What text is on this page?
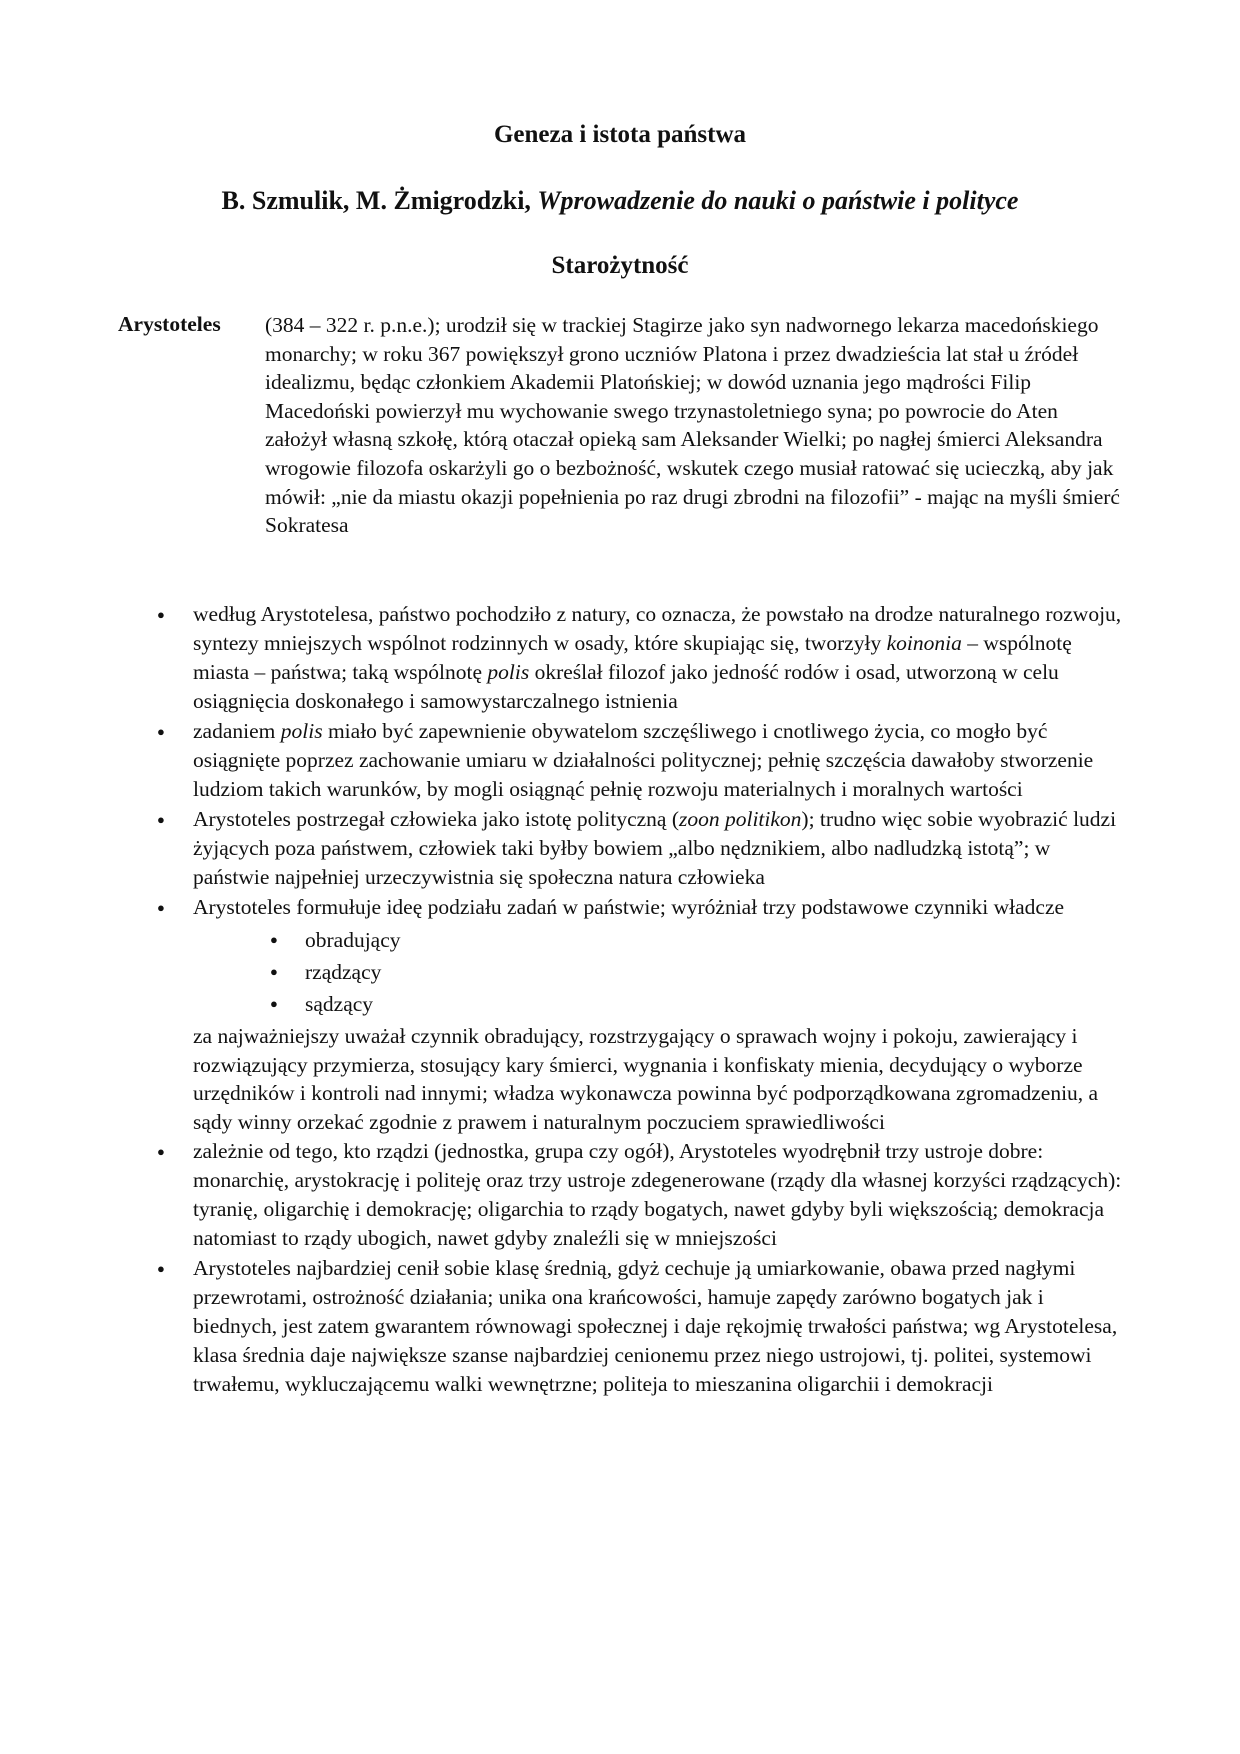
Geneza i istota państwa
B. Szmulik, M. Żmigrodzki, Wprowadzenie do nauki o państwie i polityce
Starożytność
Arystoteles (384 – 322 r. p.n.e.); urodził się w trackiej Stagirze jako syn nadwornego lekarza macedońskiego monarchy; w roku 367 powiększył grono uczniów Platona i przez dwadzieścia lat stał u źródeł idealizmu, będąc członkiem Akademii Platońskiej; w dowód uznania jego mądrości Filip Macedoński powierzył mu wychowanie swego trzynastoletniego syna; po powrocie do Aten założył własną szkołę, którą otaczał opieką sam Aleksander Wielki; po nagłej śmierci Aleksandra wrogowie filozofa oskarżyli go o bezbożność, wskutek czego musiał ratować się ucieczką, aby jak mówił: „nie da miastu okazji popełnienia po raz drugi zbrodni na filozofii” - mając na myśli śmierć Sokratesa
● według Arystotelesa, państwo pochodziło z natury, co oznacza, że powstało na drodze naturalnego rozwoju, syntezy mniejszych wspólnot rodzinnych w osady, które skupiając się, tworzyły koinonia – wspólnotę miasta – państwa; taką wspólnotę polis określał filozof jako jedność rodów i osad, utworzoną w celu osiągnięcia doskonałego i samowystarczalnego istnienia
● zadaniem polis miało być zapewnienie obywatelom szczęśliwego i cnotliwego życia, co mogło być osiągnięte poprzez zachowanie umiaru w działalności politycznej; pełnię szczęścia dawałoby stworzenie ludziom takich warunków, by mogli osiągnąć pełnię rozwoju materialnych i moralnych wartości
● Arystoteles postrzegał człowieka jako istotę polityczną (zoon politikon); trudno więc sobie wyobrazić ludzi żyjących poza państwem, człowiek taki byłby bowiem „albo nędznikiem, albo nadludzką istotą”; w państwie najpełniej urzeczywistnia się społeczna natura człowieka
● Arystoteles formułuje ideę podziału zadań w państwie; wyróżniał trzy podstawowe czynniki władcze
● obradujący
● rządzący
● sądzący
za najważniejszy uważał czynnik obradujący, rozstrzygający o sprawach wojny i pokoju, zawierający i rozwiązujący przymierza, stosujący kary śmierci, wygnania i konfiskaty mienia, decydujący o wyborze urzędników i kontroli nad innymi; władza wykonawcza powinna być podporządkowana zgromadzeniu, a sądy winny orzekać zgodnie z prawem i naturalnym poczuciem sprawiedliwości
● zależnie od tego, kto rządzi (jednostka, grupa czy ogół), Arystoteles wyodrębnił trzy ustroje dobre: monarchię, arystokrację i politeję oraz trzy ustroje zdegenerowane (rządy dla własnej korzyści rządzących): tyranię, oligarchię i demokrację; oligarchia to rządy bogatych, nawet gdyby byli większością; demokracja natomiast to rządy ubogich, nawet gdyby znaleźli się w mniejszości
● Arystoteles najbardziej cenił sobie klasę średnią, gdyż cechuje ją umiarkowanie, obawa przed nagłymi przewrotami, ostrożność działania; unika ona krańcowości, hamuje zapędy zarówno bogatych jak i biednych, jest zatem gwarantem równowagi społecznej i daje rękojmię trwałości państwa; wg Arystotelesa, klasa średnia daje największe szanse najbardziej cenionemu przez niego ustrojowi, tj. politei, systemowi trwałemu, wykluczającemu walki wewnętrzne; politeja to mieszanina oligarchii i demokracji
